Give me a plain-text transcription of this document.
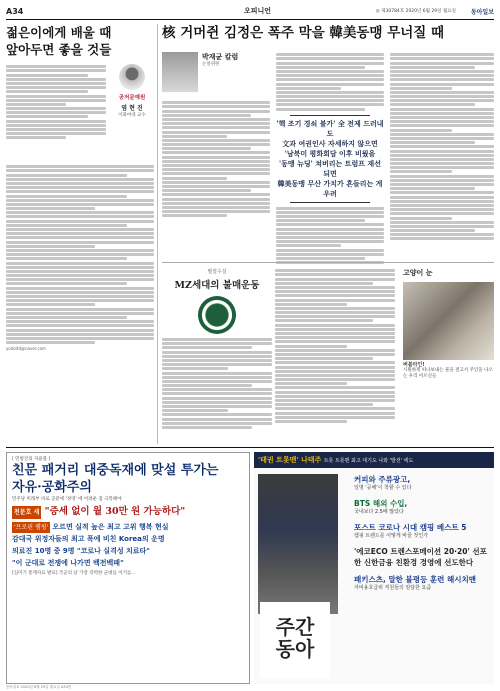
A34	오피니언	◎ 제30784호 2020년 6월 29일 월요일 동아일보
젊은이에게 배울 때
앞아두면 좋을 것들
공저문예원
염 현 진
이화여대 교수
yodoitd@naver.com
核 거머쥔 김정은 폭주 막을 韓美동맹 무너질 때
박재균 칼럼
논설위원
'핵 조기 경쇠 불가' 全 전제 드러내도
文과 여권인사 자세하지 않으면
'남북미 평화회담 이후 비웠을
'동맹 뉴딩' 쳐버리는 트럼프 재선되면
韓美동맹 무산 가치가 흔들리는 게 우려
필질수실
MZ세대의 불매운동
고양이 눈
버블라인!
시원하게 떠나보내는 물을 걸고서 주인을 나오는 우리 어르신들
[ 민병진의 자율불 ]
친문 패거리 대중독재에 맞설 투가는
자유·공화주의
민주당 미래부 바로 공분에 '경영' 에 어려운 점 극복해야
천문호 새 "증세 없이 월 30만 원 가능하다"
'프로핀 램핑' 오르면 실적 높은 최고 고위 행복 현실
감대국 위정자들의 최고 폭에 비친 Korea의 운명
의료진 10명 중 9명 "코로나 실격성 치료타"
"이 군대로 전쟁에 나가면 백전백패"
[심미기 통계자료 발표] 국군의 날 가장 강력한 군대를 이기를...
'태권 트롯맨' 나태주 트롯 트롯맨 최고 대기도 나와 '발전' 에도
주간
동아
커피와 주류광고,
일명 '공해'이 착할 수 있다
BTS 해외 수입,
국내보다 2.5배 많았다
포스트 코로나 시대 캠핑 베스트 5
캠핑 트렌드를 어떻게 바꿀 것인가
'에코ECO 트렌스포메이션 20·20' 선포한 신한금융 친환경 경영에 선도한다
패키스츠, 말한 불평등 훈련 해시치맨
자비용호급위 직원들의 암담한 요즘
동아일보 2020년 6월 29일 월요일 A34면
